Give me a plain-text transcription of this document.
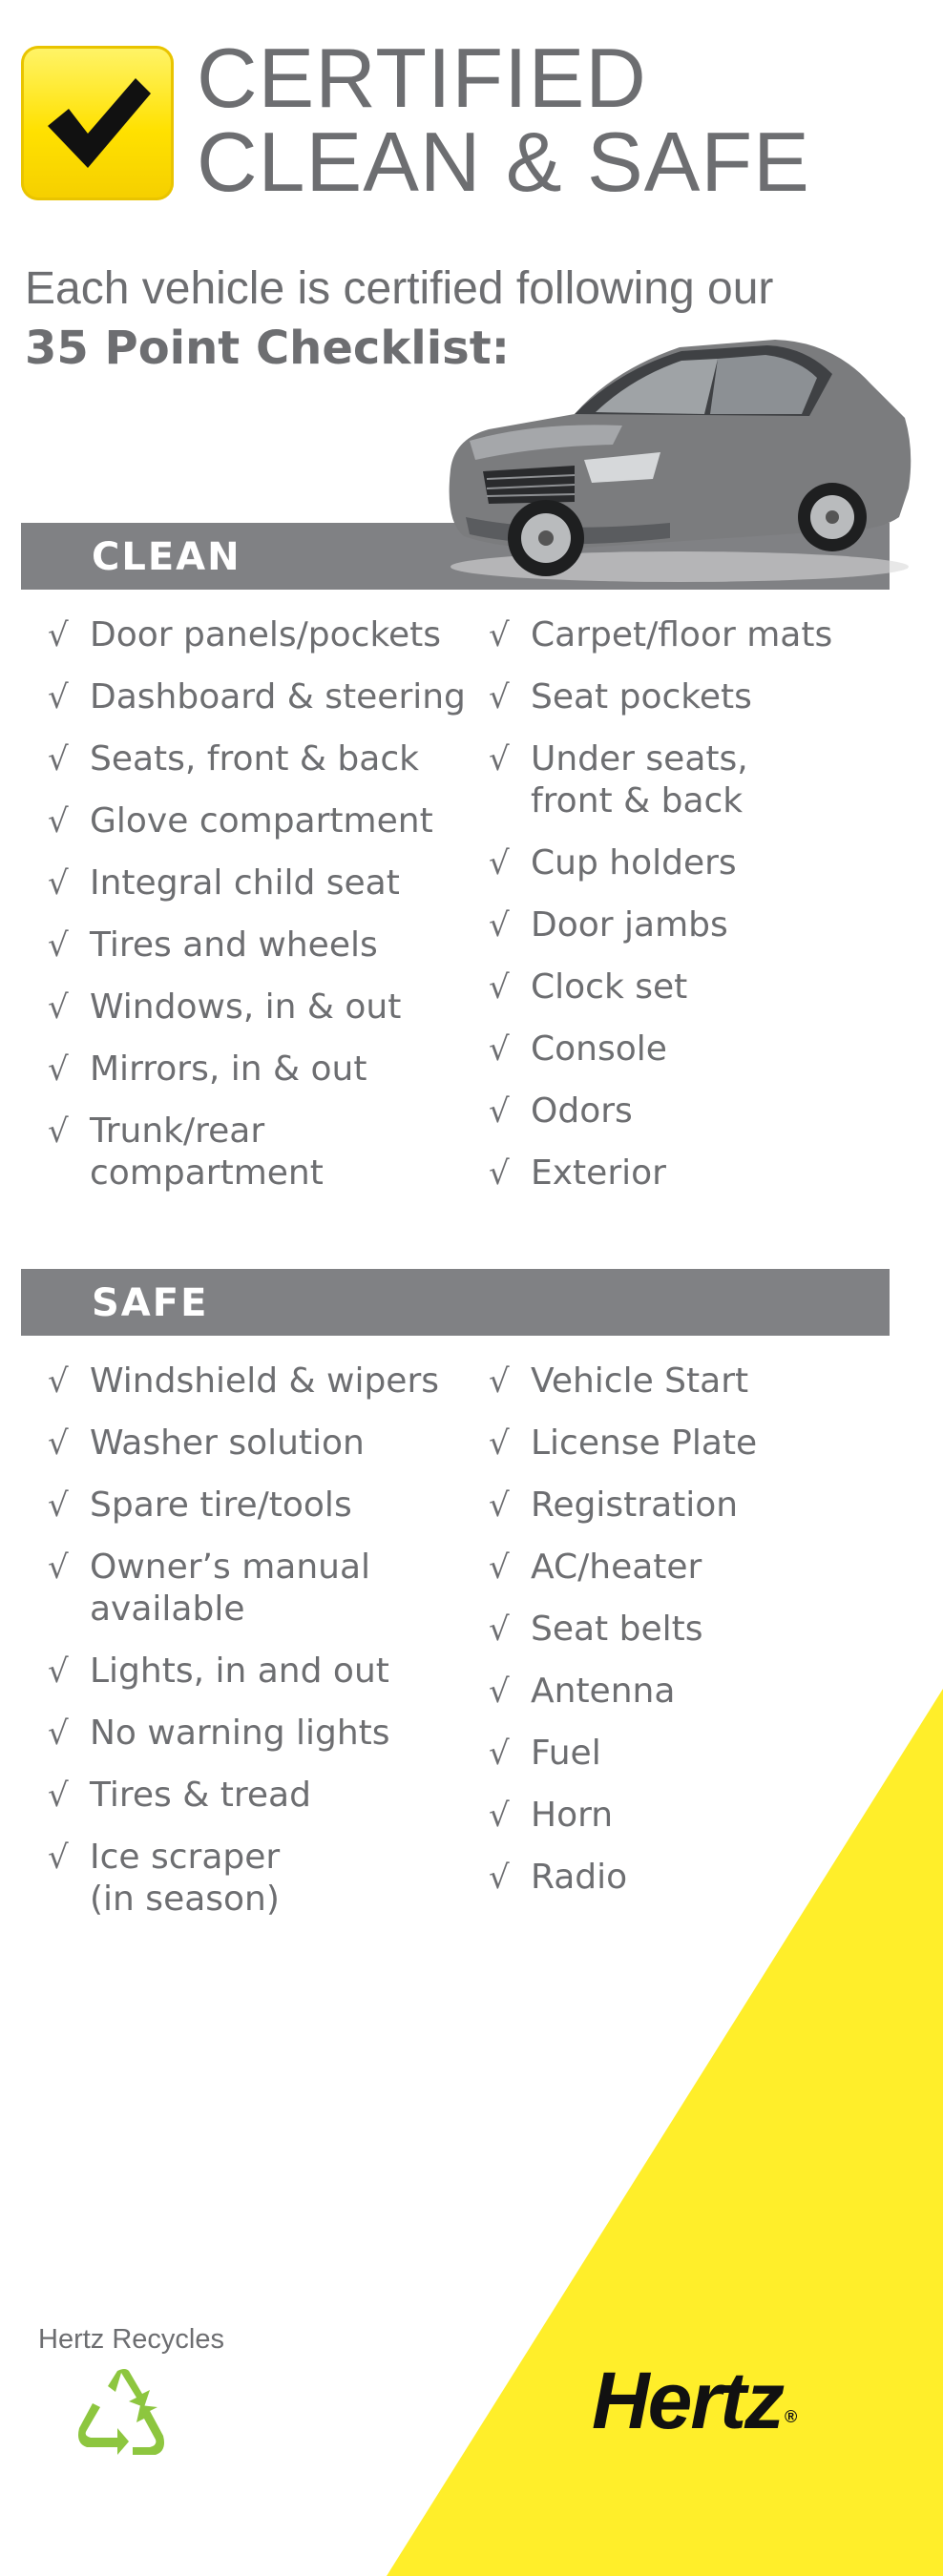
CERTIFIED
CLEAN & SAFE
Each vehicle is certified following our
35 Point Checklist:
CLEAN
√ Door panels/pockets
√ Dashboard & steering
√ Seats, front & back
√ Glove compartment
√ Integral child seat
√ Tires and wheels
√ Windows, in & out
√ Mirrors, in & out
√ Trunk/rear
compartment
√ Carpet/floor mats
√ Seat pockets
√ Under seats,
front & back
√ Cup holders
√ Door jambs
√ Clock set
√ Console
√ Odors
√ Exterior
SAFE
√ Windshield & wipers
√ Washer solution
√ Spare tire/tools
√ Owner’s manual
available
√ Lights, in and out
√ No warning lights
√ Tires & tread
√ Ice scraper
(in season)
√ Vehicle Start
√ License Plate
√ Registration
√ AC/heater
√ Seat belts
√ Antenna
√ Fuel
√ Horn
√ Radio
Hertz Recycles
Hertz ®
